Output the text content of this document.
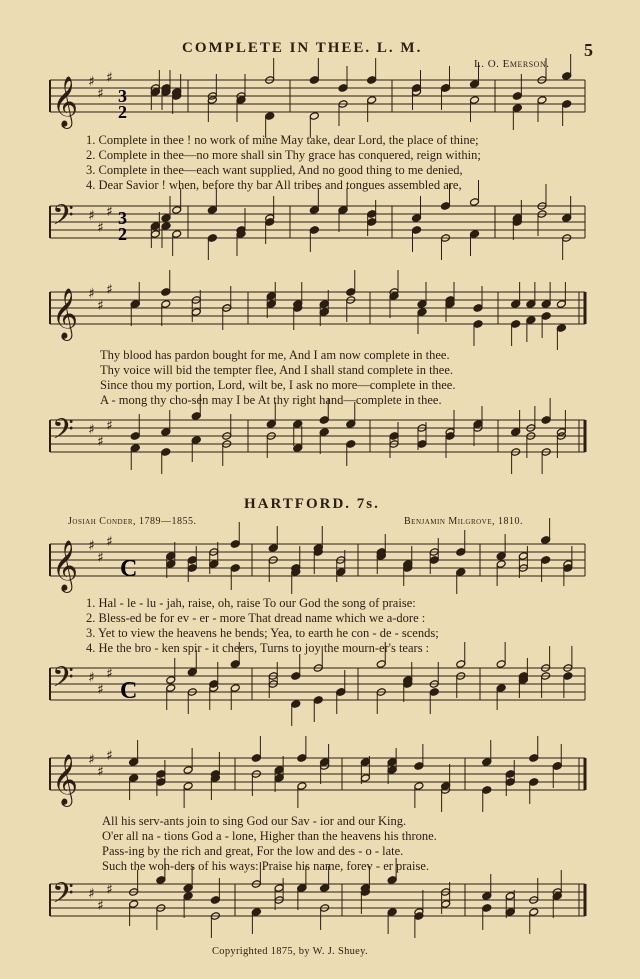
COMPLETE IN THEE. L. M.	5
L. O. Emerson.
𝄞 ♯
♯
♯
3
2
1. Complete in thee ! no work of mine May take, dear Lord, the place of thine;
2. Complete in thee—no more shall sin Thy grace has conquered, reign within;
3. Complete in thee—each want supplied, And no good thing to me denied,
4. Dear Savior ! when, before thy bar All tribes and tongues assembled are,
𝄢 ♯
♯
♯ 3
2
𝄞 ♯
♯
♯
Thy blood has pardon bought for me, And I am now complete in thee.
Thy voice will bid the tempter flee, And I shall stand complete in thee.
Since thou my portion, Lord, wilt be, I ask no more—complete in thee.
A - mong thy cho-sen may I be At thy right hand—complete in thee.
𝄢 ♯
♯
♯
HARTFORD. 7s.
Josiah Conder, 1789—1855.	Benjamin Milgrove, 1810.
𝄞 ♯
♯
♯
C
1. Hal - le - lu - jah, raise, oh, raise To our God the song of praise:
2. Bless-ed be for ev - er - more That dread name which we a-dore :
3. Yet to view the heavens he bends; Yea, to earth he con - de - scends;
4. He the bro - ken spir - it cheers, Turns to joy the mourn-er's tears :
𝄢 ♯
♯
♯
C
𝄞 ♯
♯
♯
All his serv-ants join to sing God our Sav - ior and our King.
O'er all na - tions God a - lone, Higher than the heavens his throne.
Pass-ing by the rich and great, For the low and des - o - late.
Such the won-ders of his ways: Praise his name, forev - er praise.
𝄢 ♯
♯
♯
Copyrighted 1875, by W. J. Shuey.
